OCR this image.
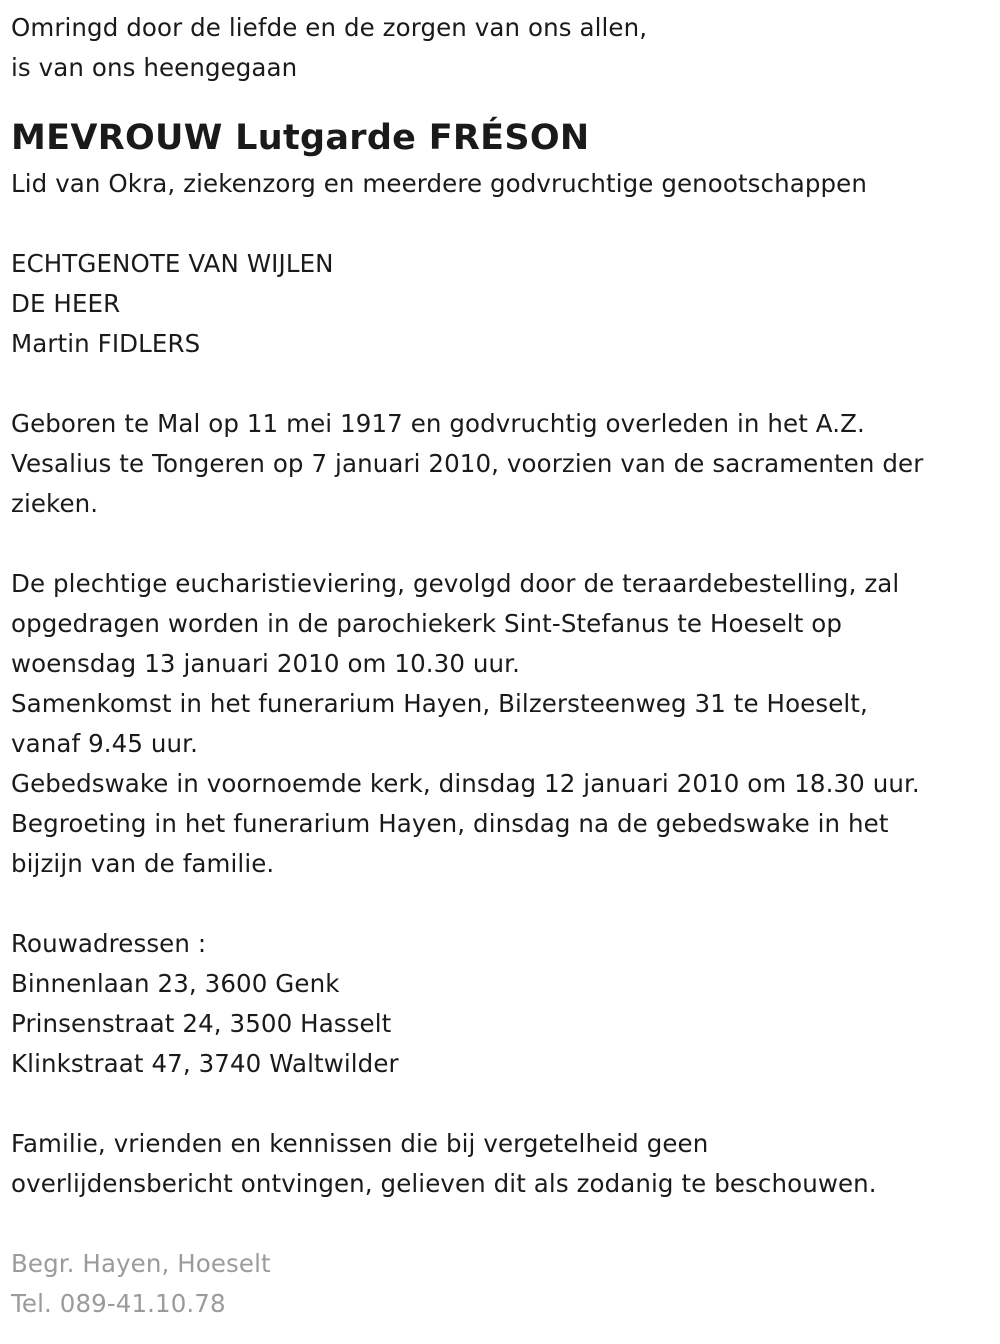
Omringd door de liefde en de zorgen van ons allen,
is van ons heengegaan
MEVROUW Lutgarde FRÉSON
Lid van Okra, ziekenzorg en meerdere godvruchtige genootschappen
ECHTGENOTE VAN WIJLEN
DE HEER
Martin FIDLERS
Geboren te Mal op 11 mei 1917 en godvruchtig overleden in het A.Z.
Vesalius te Tongeren op 7 januari 2010, voorzien van de sacramenten der
zieken.
De plechtige eucharistieviering, gevolgd door de teraardebestelling, zal
opgedragen worden in de parochiekerk Sint-Stefanus te Hoeselt op
woensdag 13 januari 2010 om 10.30 uur.
Samenkomst in het funerarium Hayen, Bilzersteenweg 31 te Hoeselt,
vanaf 9.45 uur.
Gebedswake in voornoemde kerk, dinsdag 12 januari 2010 om 18.30 uur.
Begroeting in het funerarium Hayen, dinsdag na de gebedswake in het
bijzijn van de familie.
Rouwadressen :
Binnenlaan 23, 3600 Genk
Prinsenstraat 24, 3500 Hasselt
Klinkstraat 47, 3740 Waltwilder
Familie, vrienden en kennissen die bij vergetelheid geen
overlijdensbericht ontvingen, gelieven dit als zodanig te beschouwen.
Begr. Hayen, Hoeselt
Tel. 089-41.10.78
